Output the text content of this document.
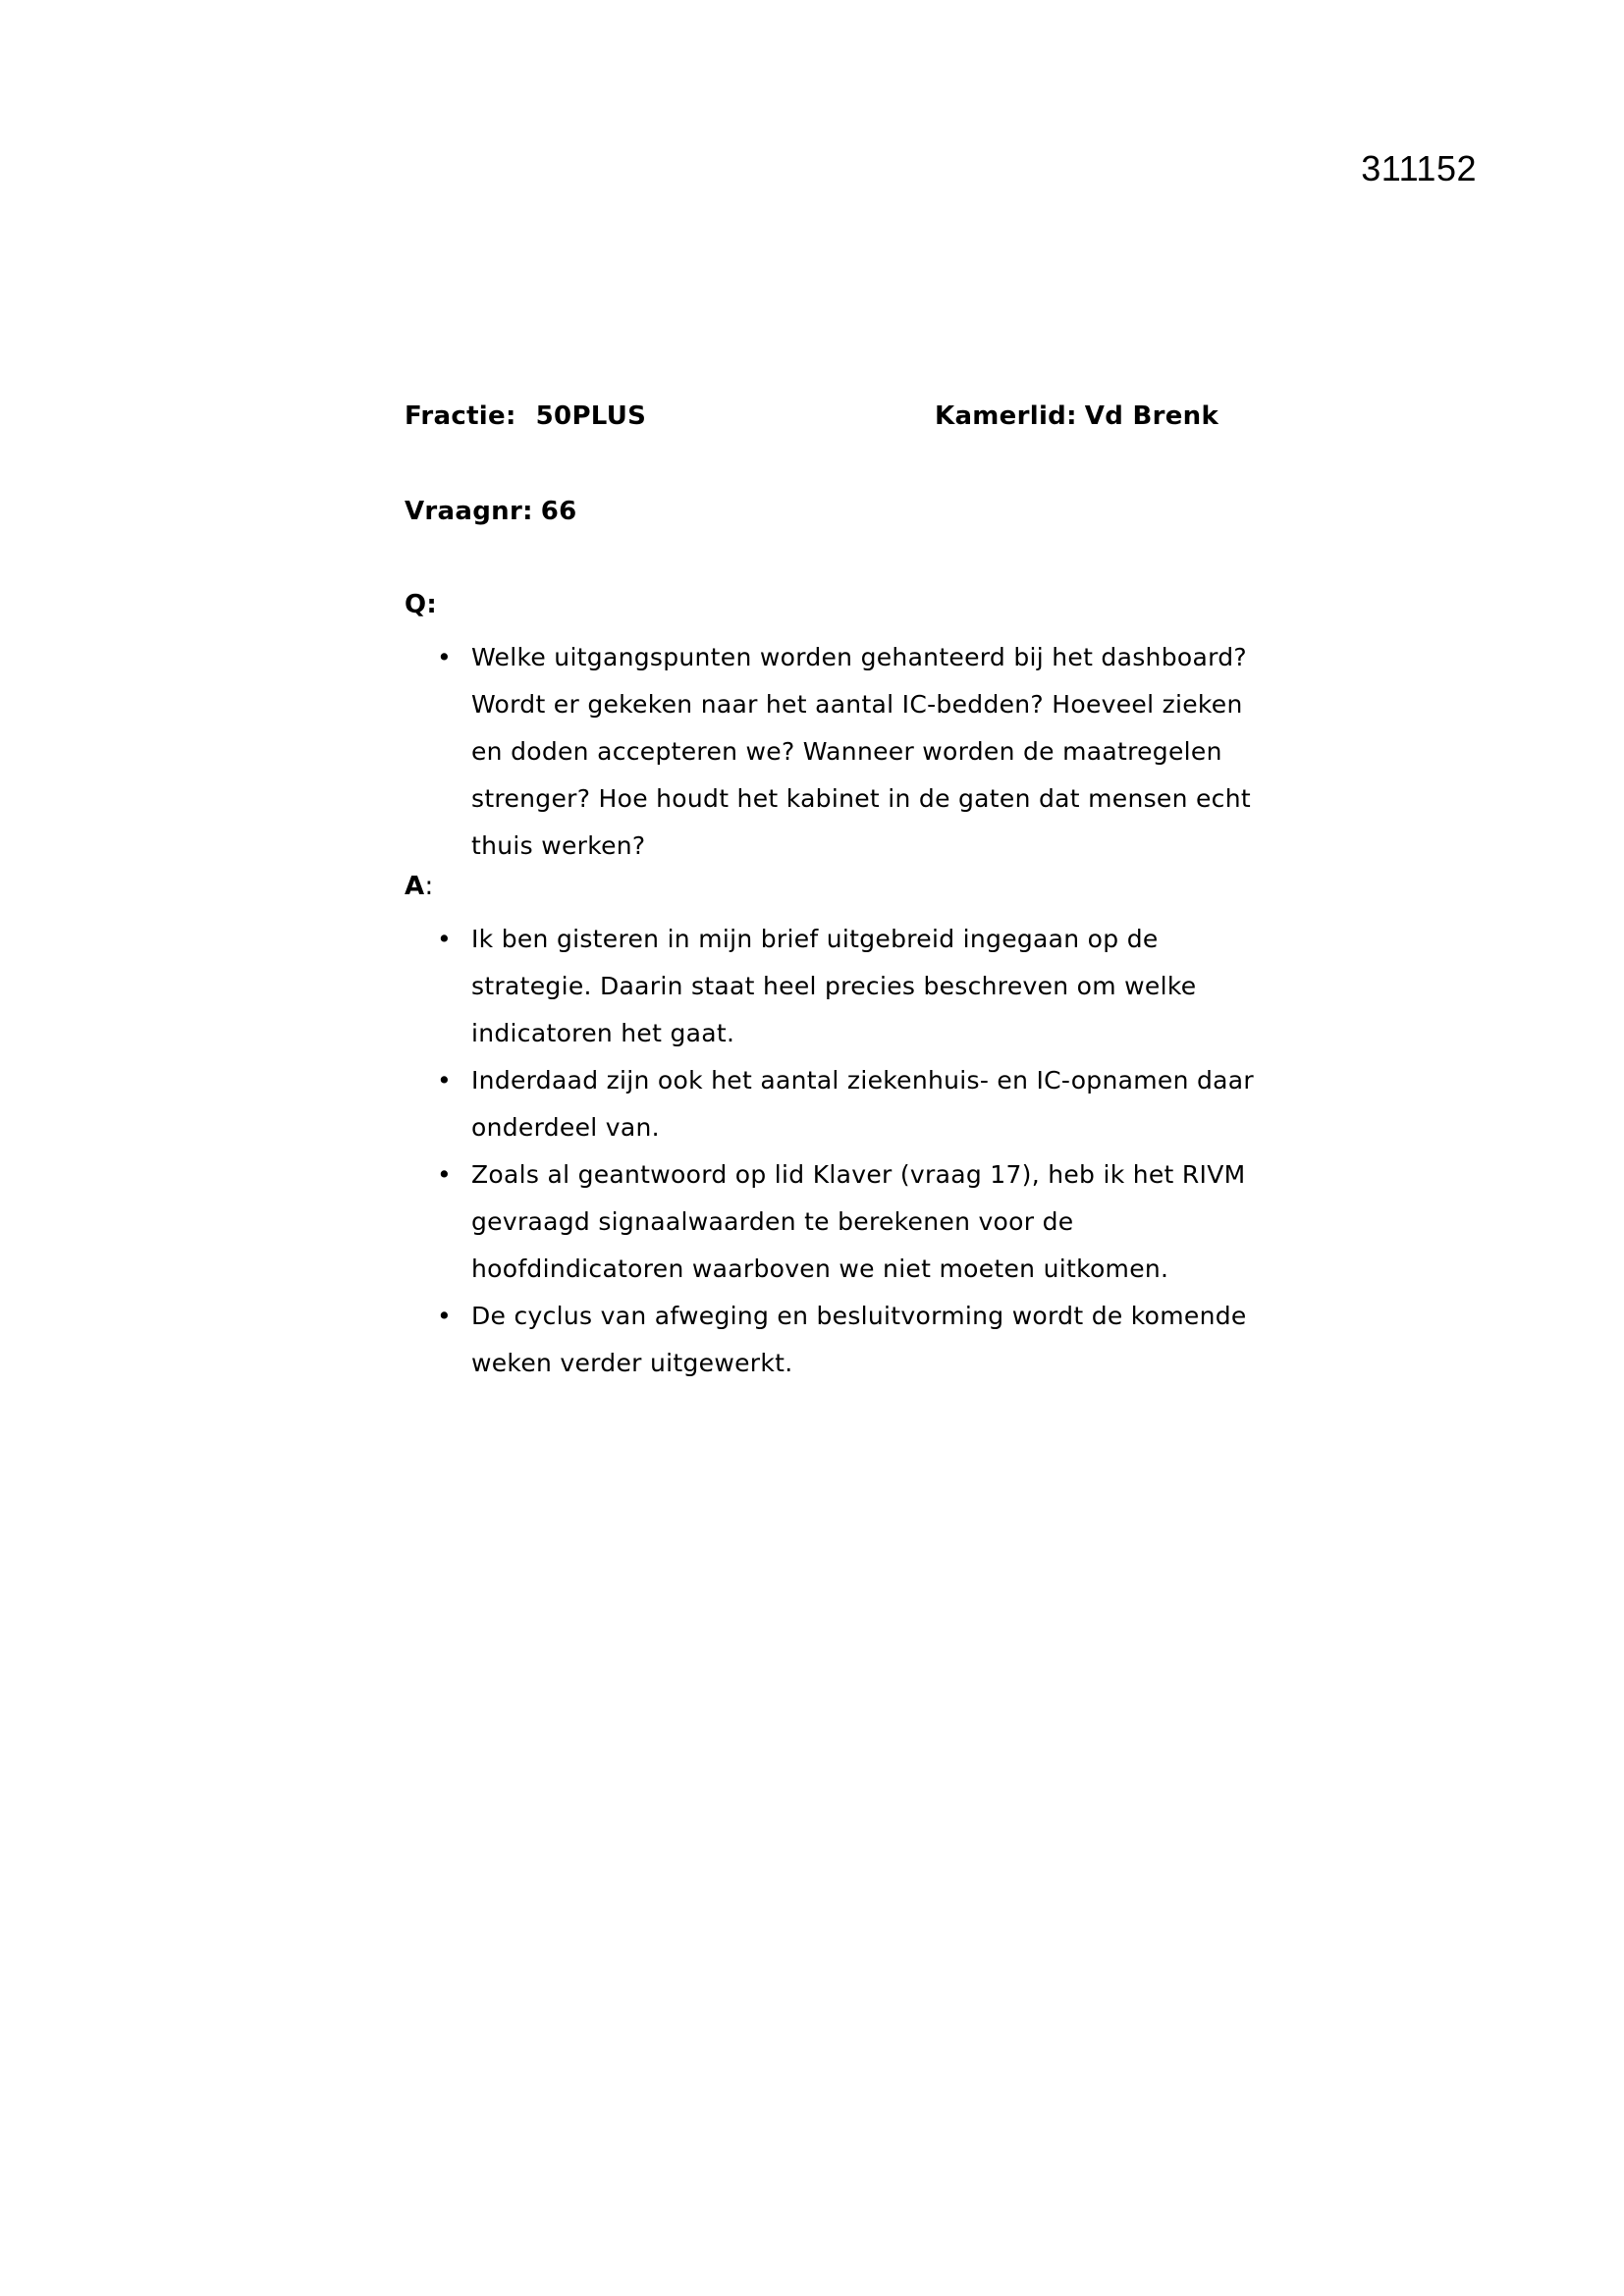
311152
Fractie: 50PLUS	Kamerlid: Vd Brenk
Vraagnr: 66
Q:
• Welke uitgangspunten worden gehanteerd bij het dashboard? Wordt er gekeken naar het aantal IC-bedden? Hoeveel zieken en doden accepteren we? Wanneer worden de maatregelen strenger? Hoe houdt het kabinet in de gaten dat mensen echt thuis werken?
A:
• Ik ben gisteren in mijn brief uitgebreid ingegaan op de strategie. Daarin staat heel precies beschreven om welke indicatoren het gaat.
• Inderdaad zijn ook het aantal ziekenhuis- en IC-opnamen daar onderdeel van.
• Zoals al geantwoord op lid Klaver (vraag 17), heb ik het RIVM gevraagd signaalwaarden te berekenen voor de hoofdindicatoren waarboven we niet moeten uitkomen.
• De cyclus van afweging en besluitvorming wordt de komende weken verder uitgewerkt.
